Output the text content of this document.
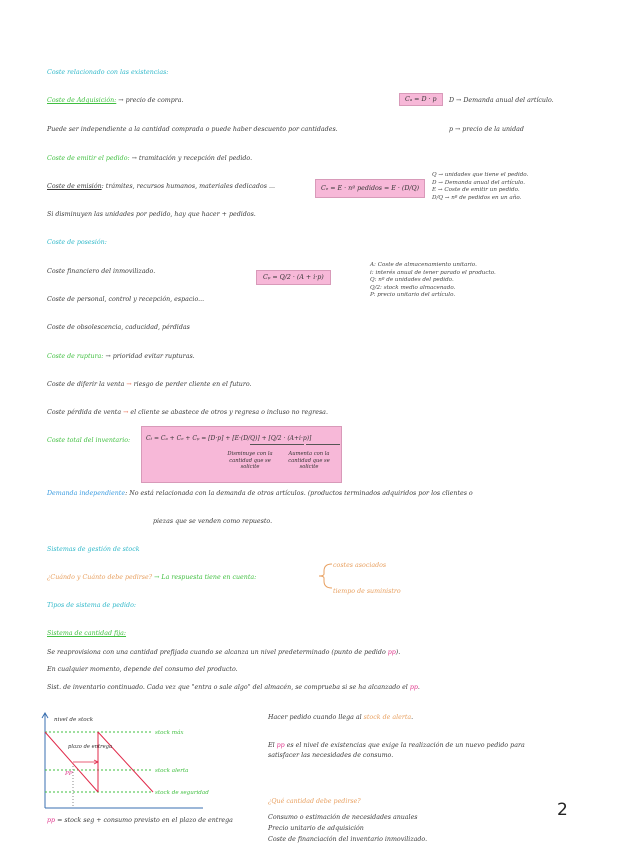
Coste relacionado con las existencias:
Coste de Adquisición: → precio de compra.	Cₐ = D · p	D → Demanda anual del artículo.
Puede ser independiente a la cantidad comprada o puede haber descuento por cantidades.	p → precio de la unidad
Coste de emitir el pedido: → tramitación y recepción del pedido.
Coste de emisión: trámites, recursos humanos, materiales dedicados ...	Cₑ = E · nº pedidos = E · (D/Q)
Q → unidades que tiene el pedido.
D → Demanda anual del artículo.
E → Coste de emitir un pedido.
D/Q → nº de pedidos en un año.
Si disminuyen las unidades por pedido, hay que hacer + pedidos.
Coste de posesión:
Coste financiero del inmovilizado.
Cₚ = Q/2 · (A + i·p)
A: Coste de almacenamiento unitario.
i: interés anual de tener parado el producto.
Q: nº de unidades del pedido.
Q/2: stock medio almacenado.
P: precio unitario del artículo.
Coste de personal, control y recepción, espacio...
Coste de obsolescencia, caducidad, pérdidas
Coste de ruptura: → prioridad evitar rupturas.
Coste de diferir la venta → riesgo de perder cliente en el futuro.
Coste pérdida de venta → el cliente se abastece de otros y regresa o incluso no regresa.
Coste total del inventario:	Cₜ = Cₐ + Cₑ + Cₚ = [D·p] + [E·(D/Q)] + [Q/2 · (A+i·p)]
Disminuye con la cantidad que se solicite
Aumenta con la cantidad que se solicite
Demanda independiente: No está relacionada con la demanda de otros artículos. (productos terminados adquiridos por los clientes o
piezas que se venden como repuesto.
Sistemas de gestión de stock
¿Cuándo y Cuánto debe pedirse? → La respuesta tiene en cuenta:
costes asociados
tiempo de suministro
Tipos de sistema de pedido:
Sistema de cantidad fija:
Se reaprovisiona con una cantidad prefijada cuando se alcanza un nivel predeterminado (punto de pedido pp).
En cualquier momento, depende del consumo del producto.
Sist. de inventario continuado. Cada vez que "entra o sale algo" del almacén, se comprueba si se ha alcanzado el pp.
nivel de stock
stock máx
stock alerta
stock de seguridad
plazo de entrega
PP
pp = stock seg + consumo previsto en el plazo de entrega
Hacer pedido cuando llega al stock de alerta.
El pp es el nivel de existencias que exige la realización de un nuevo pedido para
satisfacer las necesidades de consumo.
¿Qué cantidad debe pedirse?
Consumo o estimación de necesidades anuales
Precio unitario de adquisición
Coste de financiación del inventario inmovilizado.
2
